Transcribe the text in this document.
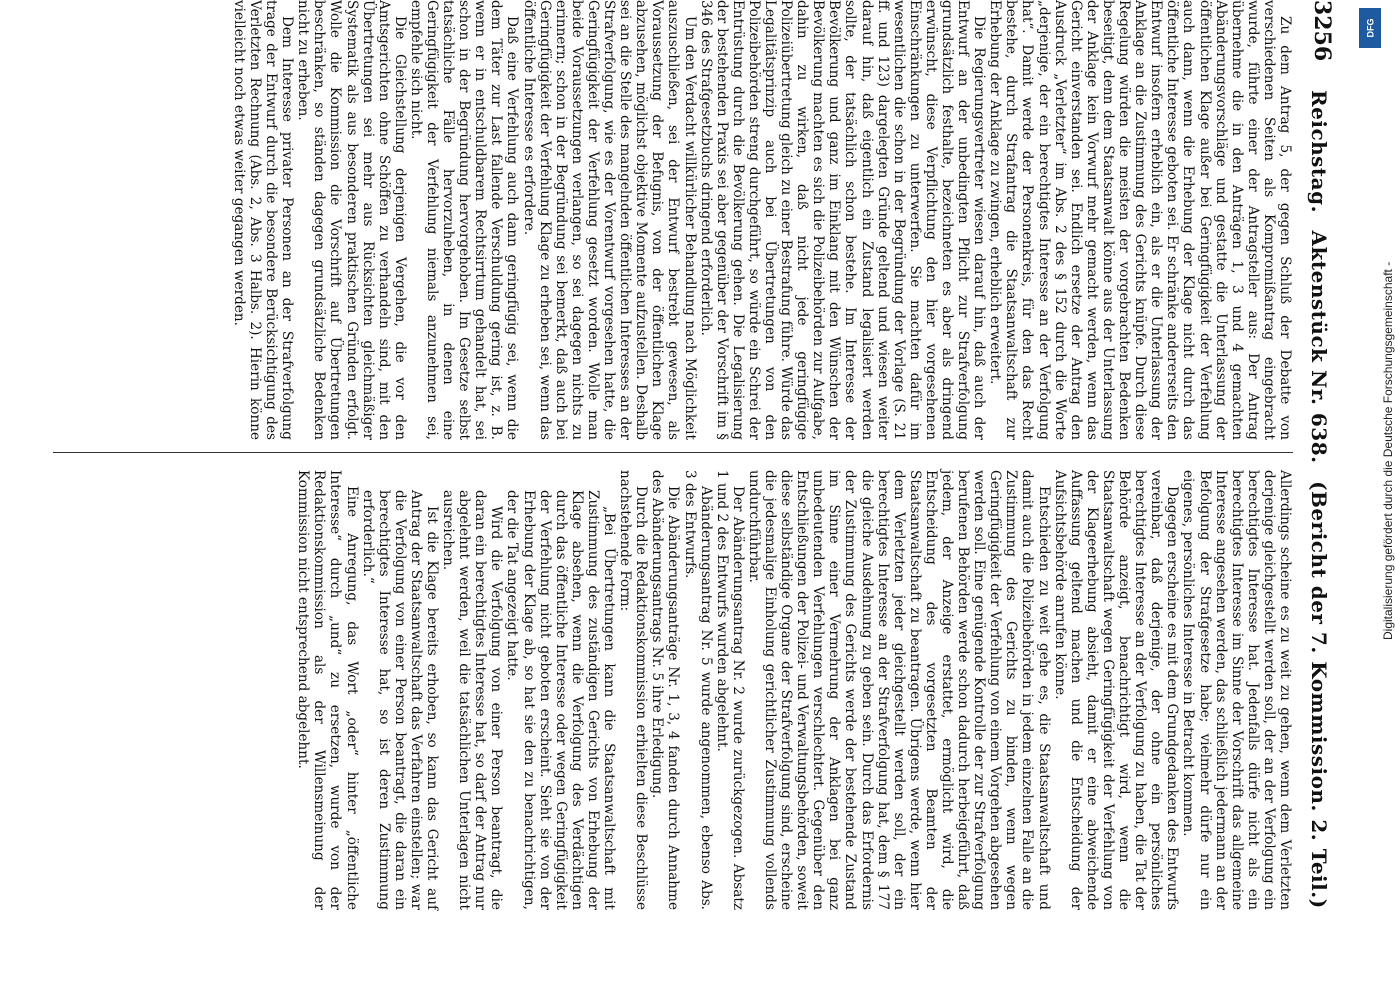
3256
Reichstag. Aktenstück Nr. 638. (Bericht der 7. Kommission. 2. Teil.)

Zu dem Antrag 5, der gegen Schluß der Debatte von verschiedenen Seiten als Kompromißantrag eingebracht wurde, führte einer der Antragsteller aus: Der Antrag übernehme die in den Anträgen 1, 3 und 4 gemachten Abänderungsvorschläge und gestatte die Unterlassung der öffentlichen Klage außer bei Geringfügigkeit der Verfehlung auch dann, wenn die Erhebung der Klage nicht durch das öffentliche Interesse geboten sei. Er schränke andererseits den Entwurf insofern erheblich ein, als er die Unterlassung der Anklage an die Zustimmung des Gerichts knüpfe. Durch diese Regelung würden die meisten der vorgebrachten Bedenken beseitigt, denn dem Staatsanwalt könne aus der Unterlassung der Anklage kein Vorwurf mehr gemacht werden, wenn das Gericht einverstanden sei. Endlich ersetze der Antrag den Ausdruck „Verletzter“ im Abs. 2 des § 152 durch die Worte „derjenige, der ein berechtigtes Interesse an der Verfolgung hat“. Damit werde der Personenkreis, für den das Recht bestehe, durch Strafantrag die Staatsanwaltschaft zur Erhebung der Anklage zu zwingen, erheblich erweitert.

Die Regierungsvertreter wiesen darauf hin, daß auch der Entwurf an der unbedingten Pflicht zur Strafverfolgung grundsätzlich festhalte, bezeichneten es aber als dringend erwünscht, diese Verpflichtung den hier vorgesehenen Einschränkungen zu unterwerfen. Sie machten dafür im wesentlichen die schon in der Begründung der Vorlage (S. 21 ff. und 123) dargelegten Gründe geltend und wiesen weiter darauf hin, daß eigentlich ein Zustand legalisiert werden sollte, der tatsächlich schon bestehe. Im Interesse der Bevölkerung und ganz im Einklang mit den Wünschen der Bevölkerung machten es sich die Polizeibehörden zur Aufgabe, dahin zu wirken, daß nicht jede geringfügige Polizeiübertretung gleich zu einer Bestrafung führe. Würde das Legalitätsprinzip auch bei Übertretungen von den Polizeibehörden streng durchgeführt, so würde ein Schrei der Entrüstung durch die Bevölkerung gehen. Die Legalisierung der bestehenden Praxis sei aber gegenüber der Vorschrift im § 346 des Strafgesetzbuchs dringend erforderlich.

Um den Verdacht willkürlicher Behandlung nach Möglichkeit auszuschließen, sei der Entwurf bestrebt gewesen, als Voraussetzung der Befugnis, von der öffentlichen Klage abzusehen, möglichst objektive Momente aufzustellen. Deshalb sei an die Stelle des mangelnden öffentlichen Interesses an der Strafverfolgung, wie es der Vorentwurf vorgesehen hatte, die Geringfügigkeit der Verfehlung gesetzt worden. Wolle man beide Voraussetzungen verlangen, so sei dagegen nichts zu erinnern; schon in der Begründung sei bemerkt, daß auch bei Geringfügigkeit der Verfehlung Klage zu erheben sei, wenn das öffentliche Interesse es erfordere.

Daß eine Verfehlung auch dann geringfügig sei, wenn die dem Täter zur Last fallende Verschuldung gering ist, z. B. wenn er in entschuldbarem Rechtsirrtum gehandelt hat, sei schon in der Begründung hervorgehoben. Im Gesetze selbst tatsächliche Fälle hervorzuheben, in denen eine Geringfügigkeit der Verfehlung niemals anzunehmen sei, empfehle sich nicht.

Die Gleichstellung derjenigen Vergehen, die vor den Amtsgerichten ohne Schöffen zu verhandeln sind, mit den Übertretungen sei mehr aus Rücksichten gleichmäßiger Systematik als aus besonderen praktischen Gründen erfolgt. Wolle die Kommission die Vorschrift auf Übertretungen beschränken, so ständen dagegen grundsätzliche Bedenken nicht zu erheben.

Dem Interesse privater Personen an der Strafverfolgung trage der Entwurf durch die besondere Berücksichtigung des Verletzten Rechnung (Abs. 2, Abs. 3 Halbs. 2). Hierin könne vielleicht noch etwas weiter gegangen werden.

Allerdings scheine es zu weit zu gehen, wenn dem Verletzten derjenige gleichgestellt werden soll, der an der Verfolgung ein berechtigtes Interesse hat. Jedenfalls dürfe nicht als ein berechtigtes Interesse im Sinne der Vorschrift das allgemeine Interesse angesehen werden, das schließlich jedermann an der Befolgung der Strafgesetze habe; vielmehr dürfe nur ein eigenes, persönliches Interesse in Betracht kommen.

Dagegen erscheine es mit dem Grundgedanken des Entwurfs vereinbar, daß derjenige, der ohne ein persönliches berechtigtes Interesse an der Verfolgung zu haben, die Tat der Behörde anzeigt, benachrichtigt wird, wenn die Staatsanwaltschaft wegen Geringfügigkeit der Verfehlung von der Klageerhebung absieht, damit er eine abweichende Auffassung geltend machen und die Entscheidung der Aufsichtsbehörde anrufen könne.

Entschieden zu weit gehe es, die Staatsanwaltschaft und damit auch die Polizeibehörden in jedem einzelnen Falle an die Zustimmung des Gerichts zu binden, wenn wegen Geringfügigkeit der Verfehlung von einem Vorgehen abgesehen werden soll. Eine genügende Kontrolle der zur Strafverfolgung berufenen Behörden werde schon dadurch herbeigeführt, daß jedem, der Anzeige erstattet, ermöglicht wird, die Entscheidung des vorgesetzten Beamten der Staatsanwaltschaft zu beantragen. Übrigens werde, wenn hier dem Verletzten jeder gleichgestellt werden soll, der ein berechtigtes Interesse an der Strafverfolgung hat, dem § 177 die gleiche Ausdehnung zu geben sein. Durch das Erfordernis der Zustimmung des Gerichts werde der bestehende Zustand im Sinne einer Vermehrung der Anklagen bei ganz unbedeutenden Verfehlungen verschlechtert. Gegenüber den Entschließungen der Polizei- und Verwaltungsbehörden, soweit diese selbständige Organe der Strafverfolgung sind, erscheine die jedesmalige Einholung gerichtlicher Zustimmung vollends undurchführbar.

Der Abänderungsantrag Nr. 2 wurde zurückgezogen. Absatz 1 und 2 des Entwurfs wurden abgelehnt.

Abänderungsantrag Nr. 5 wurde angenommen, ebenso Abs. 3 des Entwurfs.

Die Abänderungsanträge Nr. 1, 3, 4 fanden durch Annahme des Abänderungsantrags Nr. 5 ihre Erledigung.

Durch die Redaktionskommission erhielten diese Beschlüsse nachstehende Form:

„Bei Übertretungen kann die Staatsanwaltschaft mit Zustimmung des zuständigen Gerichts von Erhebung der Klage absehen, wenn die Verfolgung des Verdächtigen durch das öffentliche Interesse oder wegen Geringfügigkeit der Verfehlung nicht geboten erscheint. Sieht sie von der Erhebung der Klage ab, so hat sie den zu benachrichtigen, der die Tat angezeigt hatte.

Wird die Verfolgung von einer Person beantragt, die daran ein berechtigtes Interesse hat, so darf der Antrag nur abgelehnt werden, weil die tatsächlichen Unterlagen nicht ausreichen.

Ist die Klage bereits erhoben, so kann das Gericht auf Antrag der Staatsanwaltschaft das Verfahren einstellen; war die Verfolgung von einer Person beantragt, die daran ein berechtigtes Interesse hat, so ist deren Zustimmung erforderlich.“

Eine Anregung, das Wort „oder“ hinter „öffentliche Interesse“ durch „und“ zu ersetzen, wurde von der Redaktionskommission als der Willensmeinung der Kommission nicht entsprechend abgelehnt.

DFG
Digitalisierung gefördert durch die Deutsche Forschungsgemeinschaft -
